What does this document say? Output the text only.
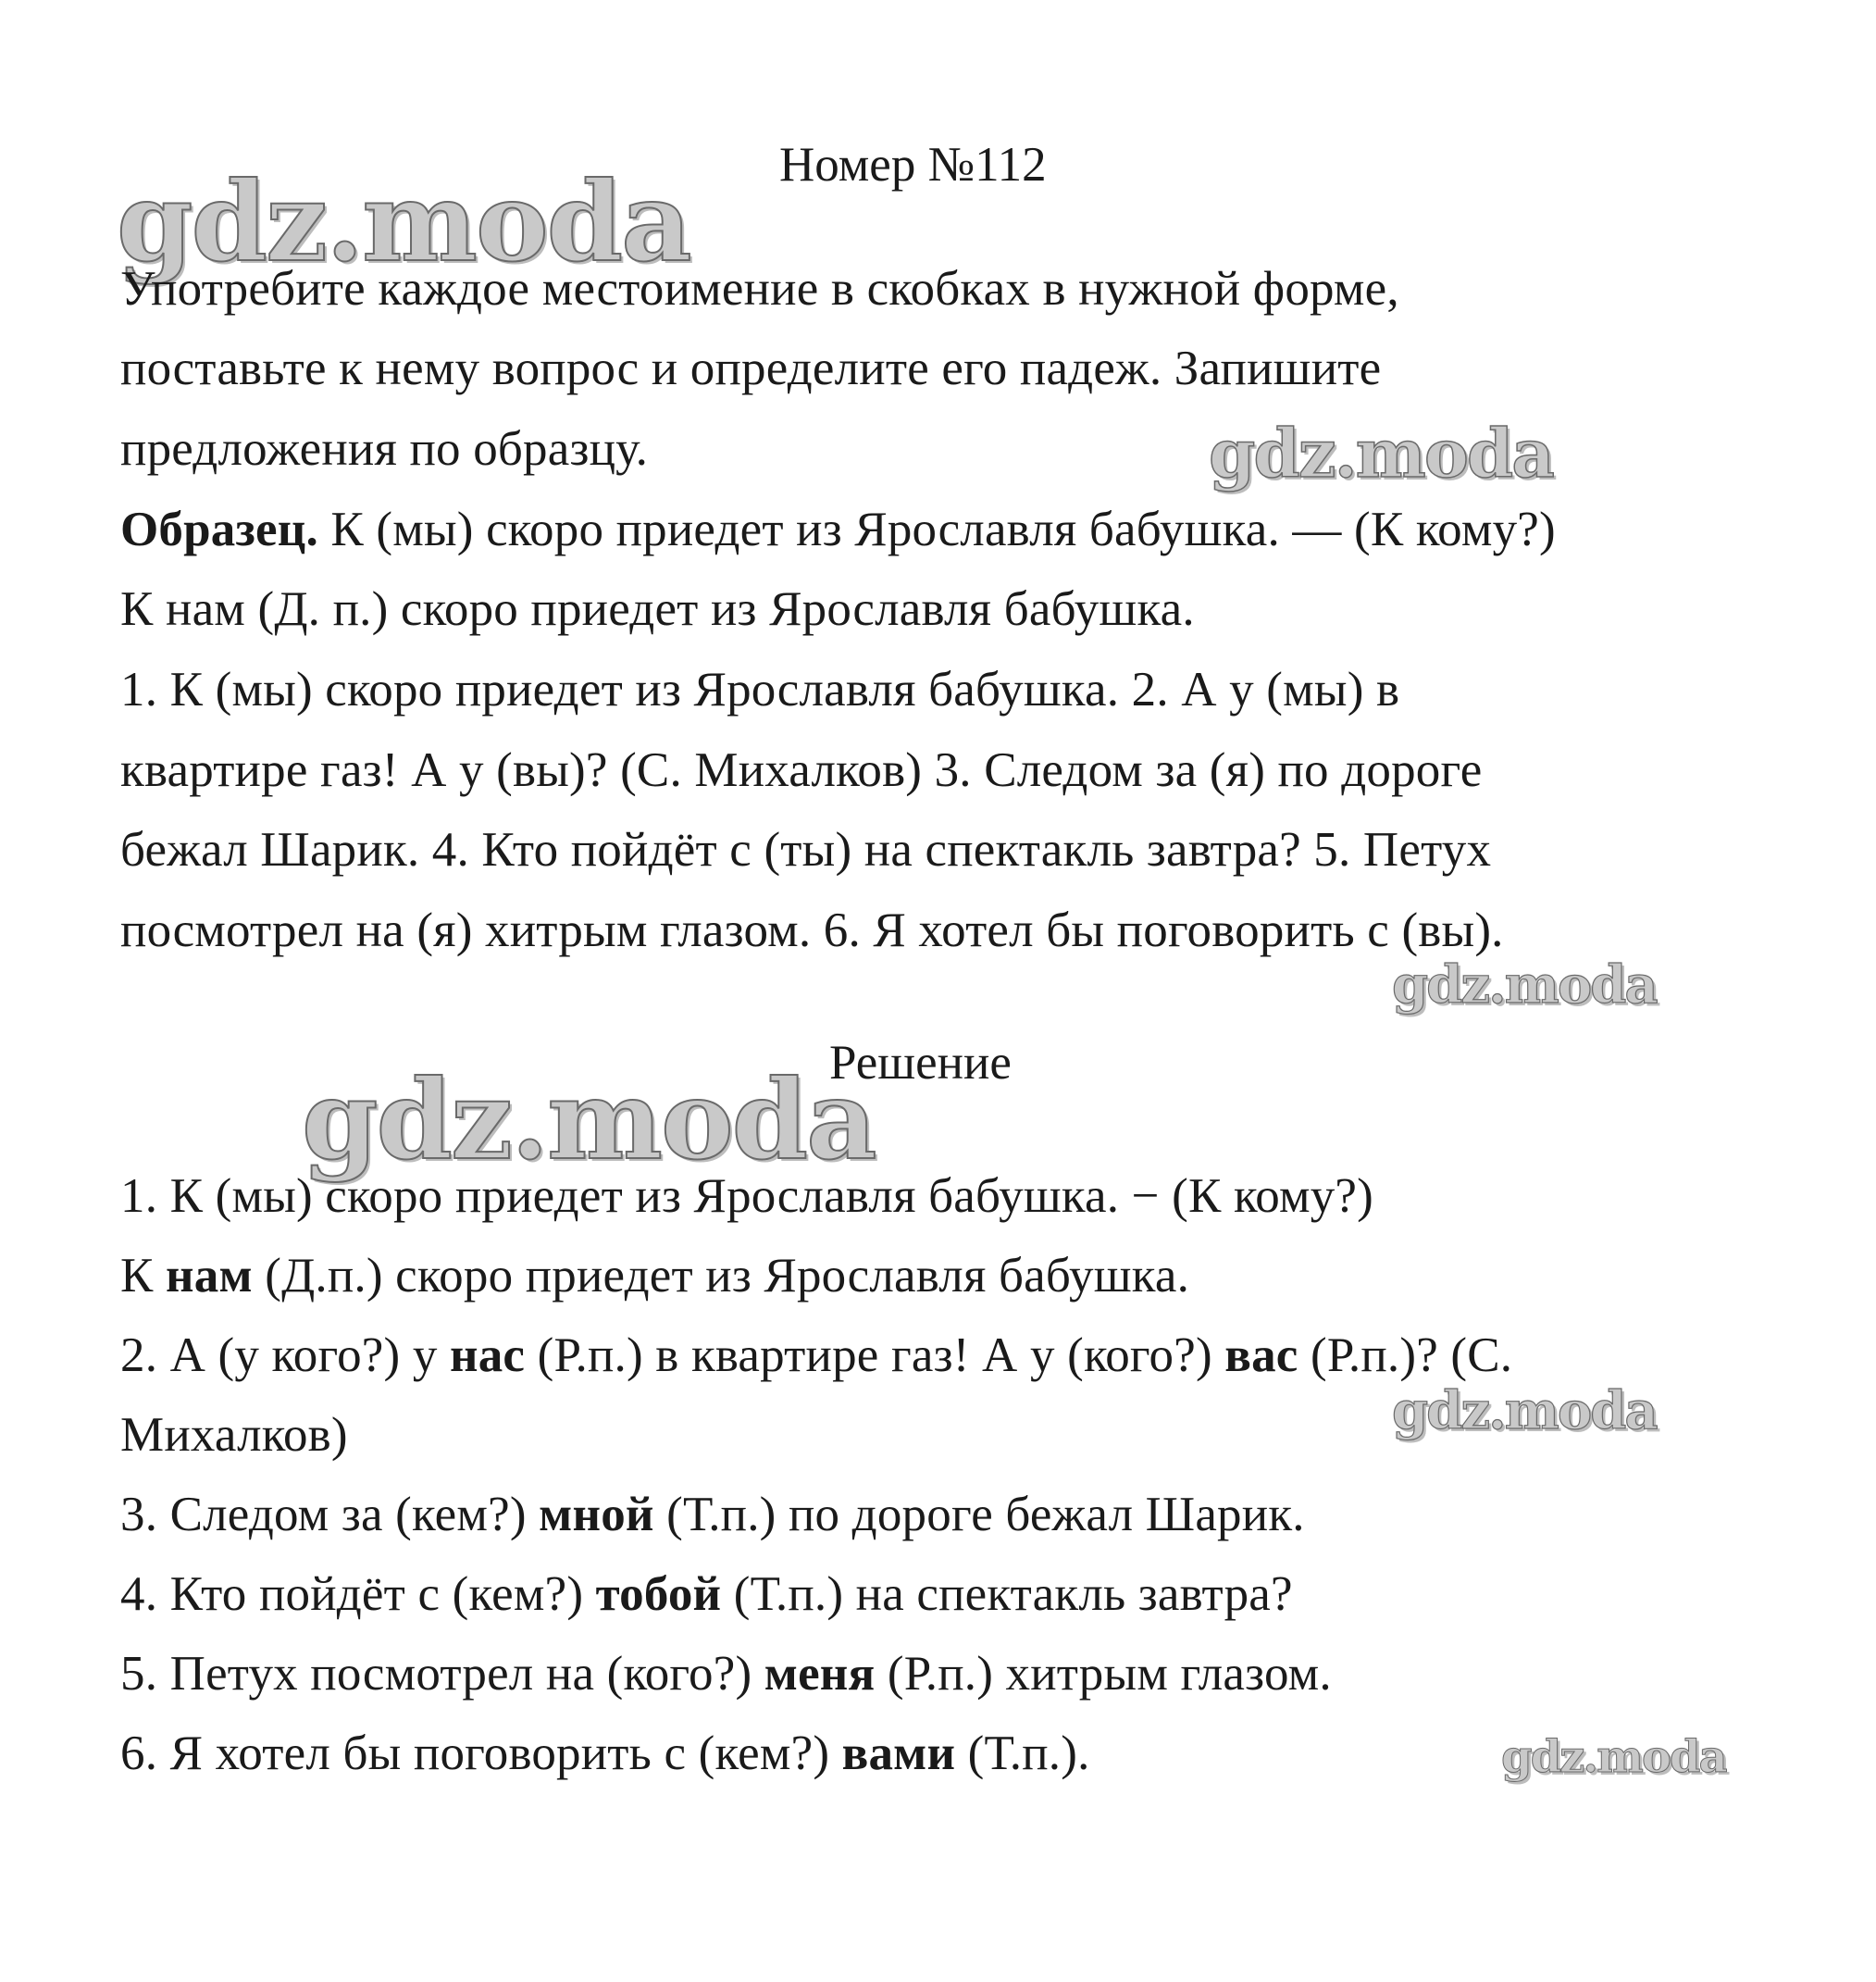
Номер №112
gdz.moda
gdz.moda
gdz.moda
gdz.moda
gdz.moda
gdz.moda
Употребите каждое местоимение в скобках в нужной форме,
поставьте к нему вопрос и определите его падеж. Запишите
предложения по образцу.
Образец. К (мы) скоро приедет из Ярославля бабушка. — (К кому?)
К нам (Д. п.) скоро приедет из Ярославля бабушка.
1. К (мы) скоро приедет из Ярославля бабушка. 2. А у (мы) в
квартире газ! А у (вы)? (С. Михалков) 3. Следом за (я) по дороге
бежал Шарик. 4. Кто пойдёт с (ты) на спектакль завтра? 5. Петух
посмотрел на (я) хитрым глазом. 6. Я хотел бы поговорить с (вы).
Решение
1. К (мы) скоро приедет из Ярославля бабушка. − (К кому?)
К нам (Д.п.) скоро приедет из Ярославля бабушка.
2. А (у кого?) у нас (Р.п.) в квартире газ! А у (кого?) вас (Р.п.)? (С.
Михалков)
3. Следом за (кем?) мной (Т.п.) по дороге бежал Шарик.
4. Кто пойдёт с (кем?) тобой (Т.п.) на спектакль завтра?
5. Петух посмотрел на (кого?) меня (Р.п.) хитрым глазом.
6. Я хотел бы поговорить с (кем?) вами (Т.п.).
